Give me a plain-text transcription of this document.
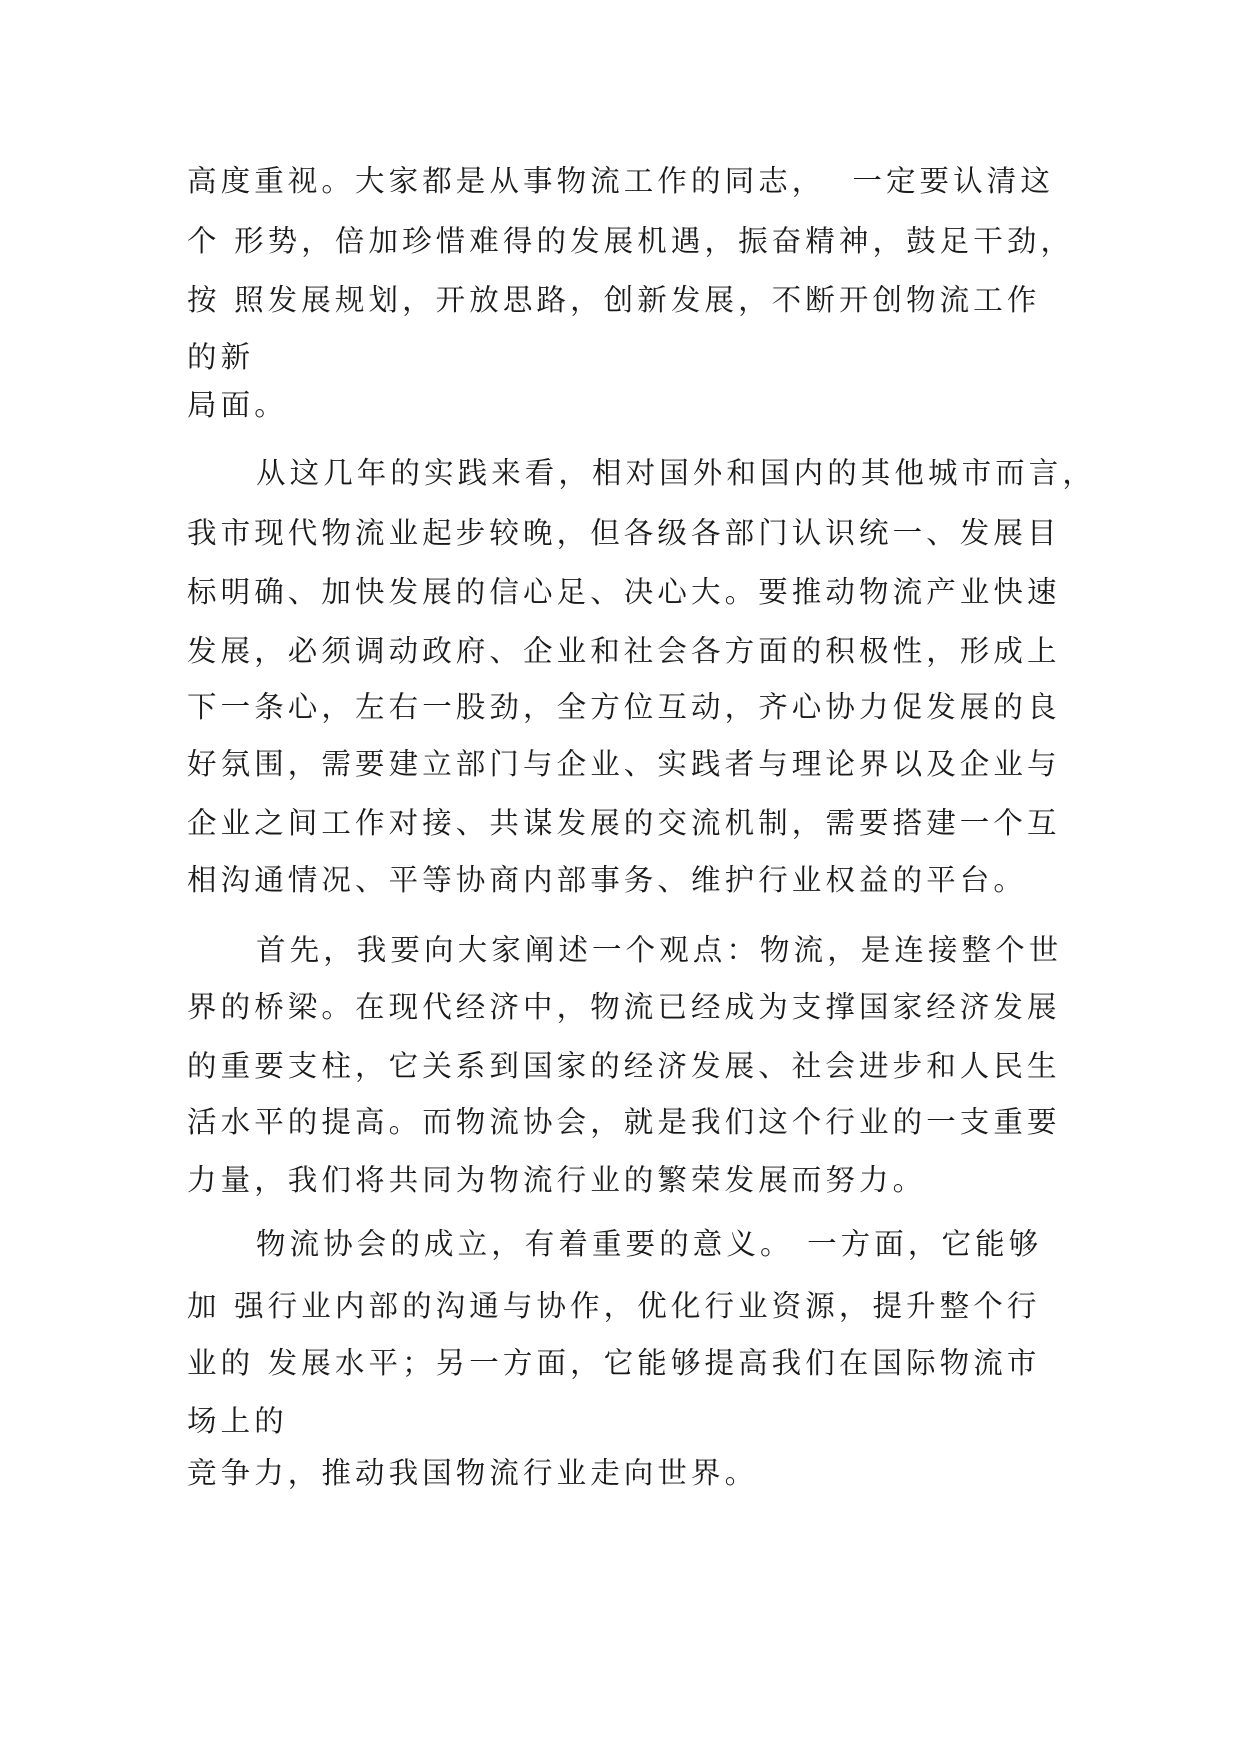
高度重视。大家都是从事物流工作的同志，  一定要认清这
个 形势，倍加珍惜难得的发展机遇，振奋精神，鼓足干劲，
按 照发展规划，开放思路，创新发展，不断开创物流工作
的新
局面。
从这几年的实践来看，相对国外和国内的其他城市而言，
我市现代物流业起步较晚，但各级各部门认识统一、发展目
标明确、加快发展的信心足、决心大。要推动物流产业快速
发展，必须调动政府、企业和社会各方面的积极性，形成上
下一条心，左右一股劲，全方位互动，齐心协力促发展的良
好氛围，需要建立部门与企业、实践者与理论界以及企业与
企业之间工作对接、共谋发展的交流机制，需要搭建一个互
相沟通情况、平等协商内部事务、维护行业权益的平台。
首先，我要向大家阐述一个观点：物流，是连接整个世
界的桥梁。在现代经济中，物流已经成为支撑国家经济发展
的重要支柱，它关系到国家的经济发展、社会进步和人民生
活水平的提高。而物流协会，就是我们这个行业的一支重要
力量，我们将共同为物流行业的繁荣发展而努力。
物流协会的成立，有着重要的意义。 一方面，它能够
加 强行业内部的沟通与协作，优化行业资源，提升整个行
业的 发展水平；另一方面，它能够提高我们在国际物流市
场上的
竞争力，推动我国物流行业走向世界。
